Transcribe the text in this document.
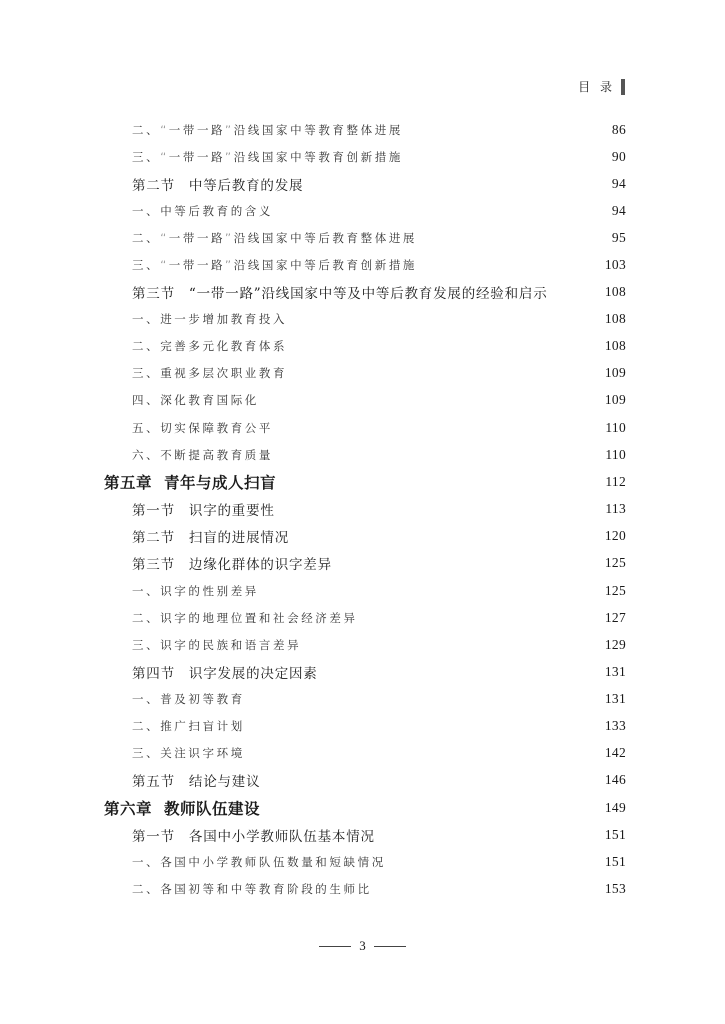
目 录
二、“一带一路”沿线国家中等教育整体进展	86
三、“一带一路”沿线国家中等教育创新措施	90
第二节 中等后教育的发展	94
一、中等后教育的含义	94
二、“一带一路”沿线国家中等后教育整体进展	95
三、“一带一路”沿线国家中等后教育创新措施	103
第三节 “一带一路”沿线国家中等及中等后教育发展的经验和启示	108
一、进一步增加教育投入	108
二、完善多元化教育体系	108
三、重视多层次职业教育	109
四、深化教育国际化	109
五、切实保障教育公平	110
六、不断提高教育质量	110
第五章 青年与成人扫盲	112
第一节 识字的重要性	113
第二节 扫盲的进展情况	120
第三节 边缘化群体的识字差异	125
一、识字的性别差异	125
二、识字的地理位置和社会经济差异	127
三、识字的民族和语言差异	129
第四节 识字发展的决定因素	131
一、普及初等教育	131
二、推广扫盲计划	133
三、关注识字环境	142
第五节 结论与建议	146
第六章 教师队伍建设	149
第一节 各国中小学教师队伍基本情况	151
一、各国中小学教师队伍数量和短缺情况	151
二、各国初等和中等教育阶段的生师比	153
3
